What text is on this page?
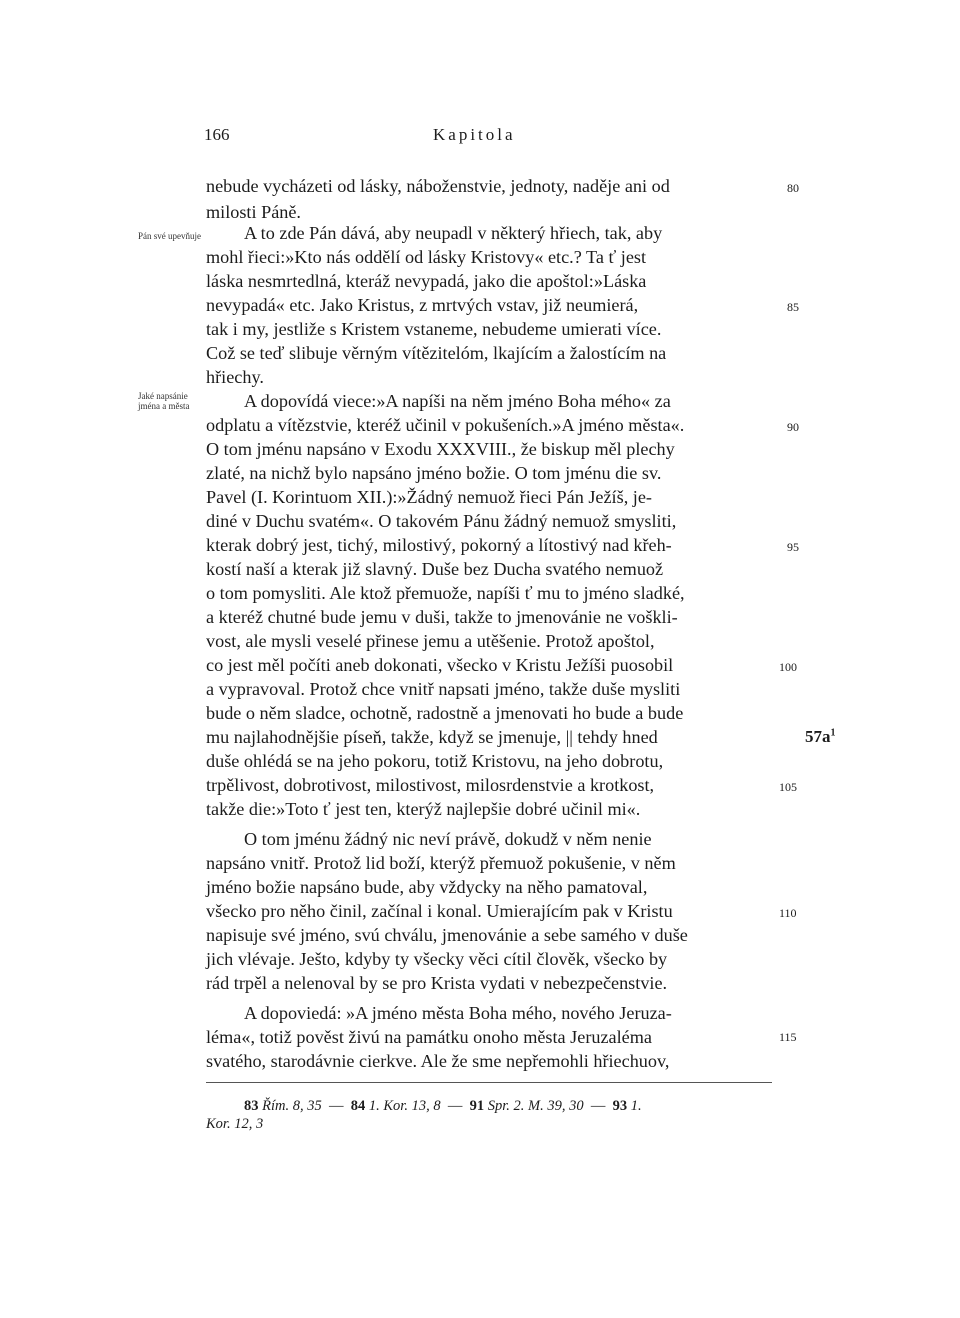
166	Kapitola
Pán své upevňuje
Jaké napsánie
jména a města
nebude vycházeti od lásky, náboženstvie, jednoty, naděje ani od
milosti Páně.
A to zde Pán dává, aby neupadl v některý hřiech, tak, aby
mohl řieci:»Kto nás oddělí od lásky Kristovy« etc.? Ta ť jest
láska nesmrtedlná, kteráž nevypadá, jako die apoštol:»Láska
nevypadá« etc. Jako Kristus, z mrtvých vstav, již neumierá,
tak i my, jestliže s Kristem vstaneme, nebudeme umierati více.
Což se teď slibuje věrným vítězitelóm, lkajícím a žalostícím na
hřiechy.
A dopovídá viece:»A napíši na něm jméno Boha mého« za
odplatu a vítězstvie, kteréž učinil v pokušeních.»A jméno města«.
O tom jménu napsáno v Exodu XXXVIII., že biskup měl plechy
zlaté, na nichž bylo napsáno jméno božie. O tom jménu die sv.
Pavel (I. Korintuom XII.):»Žádný nemuož řieci Pán Ježíš, je-
diné v Duchu svatém«. O takovém Pánu žádný nemuož smysliti,
kterak dobrý jest, tichý, milostivý, pokorný a lítostivý nad křeh-
kostí naší a kterak již slavný. Duše bez Ducha svatého nemuož
o tom pomysliti. Ale ktož přemuože, napíši ť mu to jméno sladké,
a kteréž chutné bude jemu v duši, takže to jmenovánie ne voškli-
vost, ale mysli veselé přinese jemu a utěšenie. Protož apoštol,
co jest měl počíti aneb dokonati, všecko v Kristu Ježíši puosobil
a vypravoval. Protož chce vnitř napsati jméno, takže duše mysliti
bude o něm sladce, ochotně, radostně a jmenovati ho bude a bude
mu najlahodnějšie píseň, takže, když se jmenuje, || tehdy hned
duše ohlédá se na jeho pokoru, totiž Kristovu, na jeho dobrotu,
trpělivost, dobrotivost, milostivost, milosrdenstvie a krotkost,
takže die:»Toto ť jest ten, kterýž najlepšie dobré učinil mi«.
O tom jménu žádný nic neví právě, dokudž v něm nenie
napsáno vnitř. Protož lid boží, kterýž přemuož pokušenie, v něm
jméno božie napsáno bude, aby vždycky na něho pamatoval,
všecko pro něho činil, začínal i konal. Umierajícím pak v Kristu
napisuje své jméno, svú chválu, jmenovánie a sebe samého v duše
jich vlévaje. Ješto, kdyby ty všecky věci cítil člověk, všecko by
rád trpěl a nelenoval by se pro Krista vydati v nebezpečenstvie.
A dopoviedá: »A jméno města Boha mého, nového Jeruza-
léma«, totiž pověst živú na památku onoho města Jeruzaléma
svatého, starodávnie cierkve. Ale že sme nepřemohli hřiechuov,
80
85
90
95
100
105
110
115
$57a^1$
83 Řím. 8, 35 — 84 1. Kor. 13, 8 — 91 Spr. 2. M. 39, 30 — 93 1.
Kor. 12, 3
